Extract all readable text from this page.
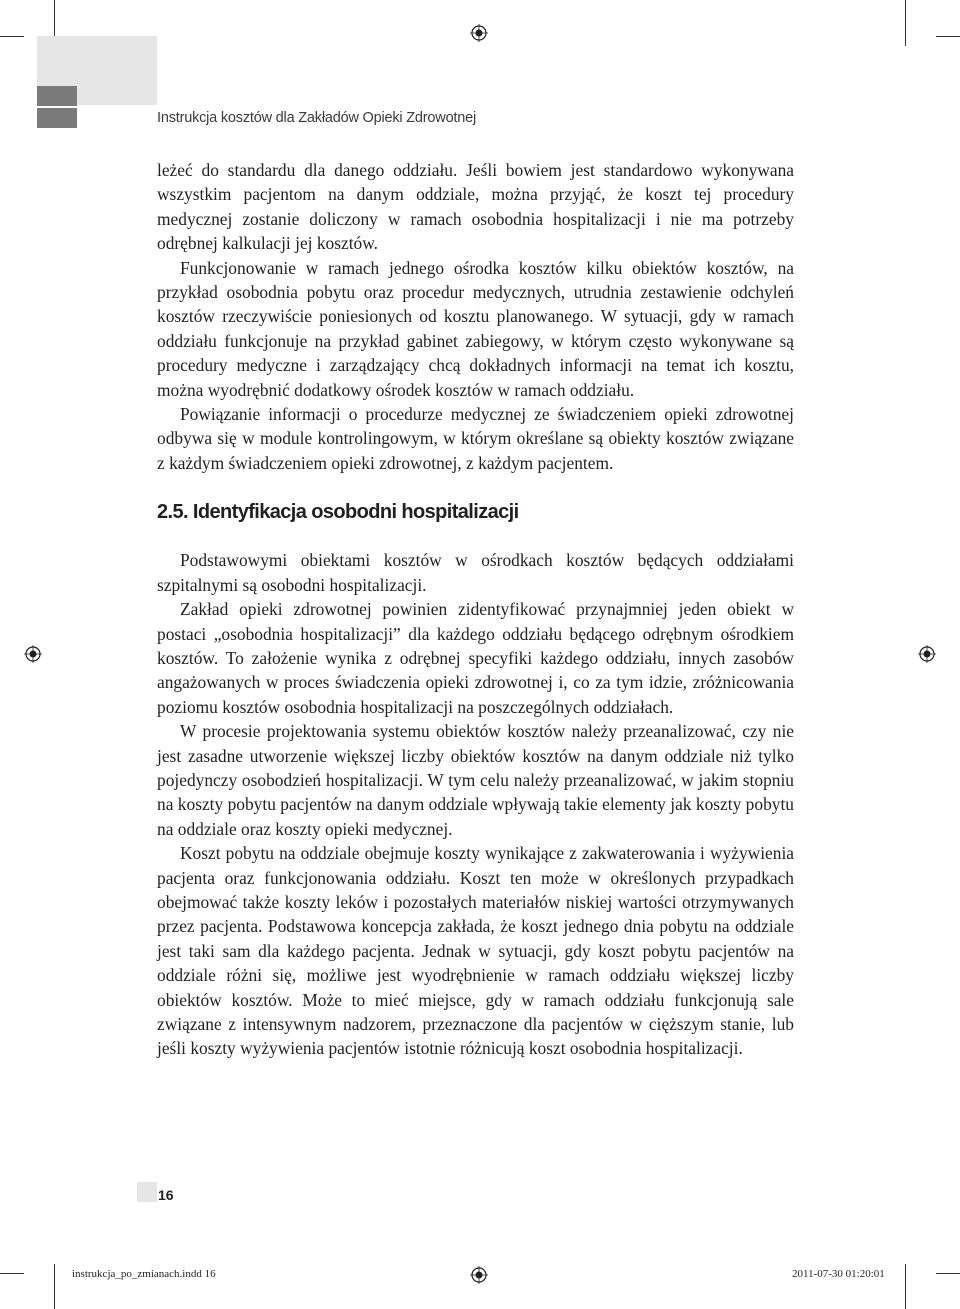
Instrukcja kosztów dla Zakładów Opieki Zdrowotnej

leżeć do standardu dla danego oddziału. Jeśli bowiem jest standardowo wykonywana wszystkim pacjentom na danym oddziale, można przyjąć, że koszt tej procedury medycznej zostanie doliczony w ramach osobodnia hospitalizacji i nie ma potrzeby odrębnej kalkulacji jej kosztów.

Funkcjonowanie w ramach jednego ośrodka kosztów kilku obiektów kosztów, na przykład osobodnia pobytu oraz procedur medycznych, utrudnia zestawienie odchyleń kosztów rzeczywiście poniesionych od kosztu planowanego. W sytuacji, gdy w ramach oddziału funkcjonuje na przykład gabinet zabiegowy, w którym często wykonywane są procedury medyczne i zarządzający chcą dokładnych informacji na temat ich kosztu, można wyodrębnić dodatkowy ośrodek kosztów w ramach oddziału.

Powiązanie informacji o procedurze medycznej ze świadczeniem opieki zdrowotnej odbywa się w module kontrolingowym, w którym określane są obiekty kosztów związane z każdym świadczeniem opieki zdrowotnej, z każdym pacjentem.

2.5. Identyfikacja osobodni hospitalizacji

Podstawowymi obiektami kosztów w ośrodkach kosztów będących oddziałami szpitalnymi są osobodni hospitalizacji.

Zakład opieki zdrowotnej powinien zidentyfikować przynajmniej jeden obiekt w postaci „osobodnia hospitalizacji” dla każdego oddziału będącego odrębnym ośrodkiem kosztów. To założenie wynika z odrębnej specyfiki każdego oddziału, innych zasobów angażowanych w proces świadczenia opieki zdrowotnej i, co za tym idzie, zróżnicowania poziomu kosztów osobodnia hospitalizacji na poszczególnych oddziałach.

W procesie projektowania systemu obiektów kosztów należy przeanalizować, czy nie jest zasadne utworzenie większej liczby obiektów kosztów na danym oddziale niż tylko pojedynczy osobodzień hospitalizacji. W tym celu należy przeanalizować, w jakim stopniu na koszty pobytu pacjentów na danym oddziale wpływają takie elementy jak koszty pobytu na oddziale oraz koszty opieki medycznej.

Koszt pobytu na oddziale obejmuje koszty wynikające z zakwaterowania i wyżywienia pacjenta oraz funkcjonowania oddziału. Koszt ten może w określonych przypadkach obejmować także koszty leków i pozostałych materiałów niskiej wartości otrzymywanych przez pacjenta. Podstawowa koncepcja zakłada, że koszt jednego dnia pobytu na oddziale jest taki sam dla każdego pacjenta. Jednak w sytuacji, gdy koszt pobytu pacjentów na oddziale różni się, możliwe jest wyodrębnienie w ramach oddziału większej liczby obiektów kosztów. Może to mieć miejsce, gdy w ramach oddziału funkcjonują sale związane z intensywnym nadzorem, przeznaczone dla pacjentów w cięższym stanie, lub jeśli koszty wyżywienia pacjentów istotnie różnicują koszt osobodnia hospitalizacji.

16
instrukcja_po_zmianach.indd 16	2011-07-30 01:20:01
